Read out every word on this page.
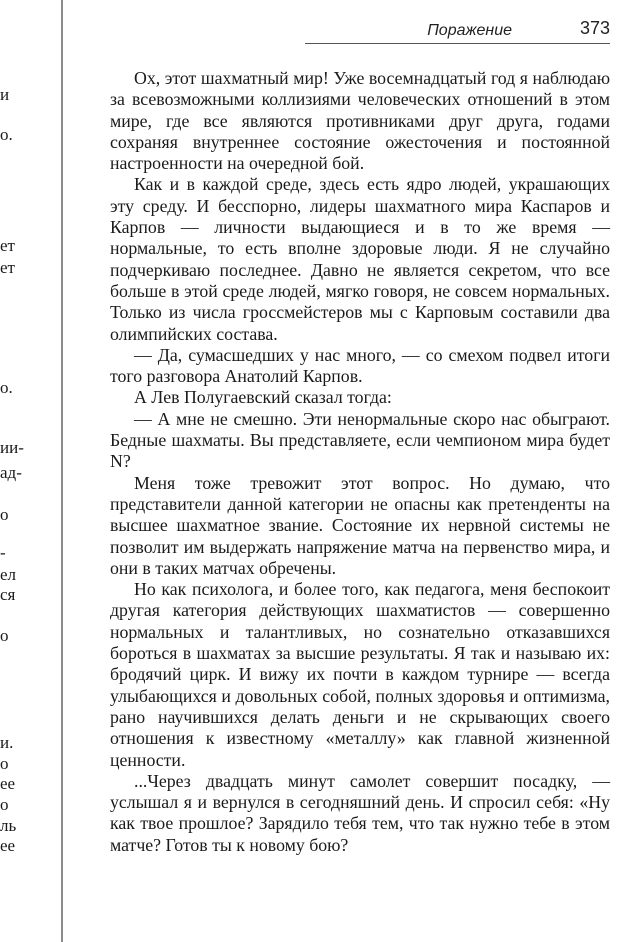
и
о.
ет
ет
о.
ии-
ад-
о
-
ел
ся
о
и.
о
ее
о
ль
ее
Поражение	373

Ох, этот шахматный мир! Уже восемнадцатый год я наблюдаю за всевозможными коллизиями человеческих отношений в этом мире, где все являются противниками друг друга, годами сохраняя внутреннее состояние ожесточения и постоянной настроенности на очередной бой.

Как и в каждой среде, здесь есть ядро людей, украшающих эту среду. И бесспорно, лидеры шахматного мира Каспаров и Карпов — личности выдающиеся и в то же время — нормальные, то есть вполне здоровые люди. Я не случайно подчеркиваю последнее. Давно не является секретом, что все больше в этой среде людей, мягко говоря, не совсем нормальных. Только из числа гроссмейстеров мы с Карповым составили два олимпийских состава.

— Да, сумасшедших у нас много, — со смехом подвел итоги того разговора Анатолий Карпов.

А Лев Полугаевский сказал тогда:

— А мне не смешно. Эти ненормальные скоро нас обыграют. Бедные шахматы. Вы представляете, если чемпионом мира будет N?

Меня тоже тревожит этот вопрос. Но думаю, что представители данной категории не опасны как претенденты на высшее шахматное звание. Состояние их нервной системы не позволит им выдержать напряжение матча на первенство мира, и они в таких матчах обречены.

Но как психолога, и более того, как педагога, меня беспокоит другая категория действующих шахматистов — совершенно нормальных и талантливых, но сознательно отказавшихся бороться в шахматах за высшие результаты. Я так и называю их: бродячий цирк. И вижу их почти в каждом турнире — всегда улыбающихся и довольных собой, полных здоровья и оптимизма, рано научившихся делать деньги и не скрывающих своего отношения к известному «металлу» как главной жизненной ценности.

...Через двадцать минут самолет совершит посадку, — услышал я и вернулся в сегодняшний день. И спросил себя: «Ну как твое прошлое? Зарядило тебя тем, что так нужно тебе в этом матче? Готов ты к новому бою?
